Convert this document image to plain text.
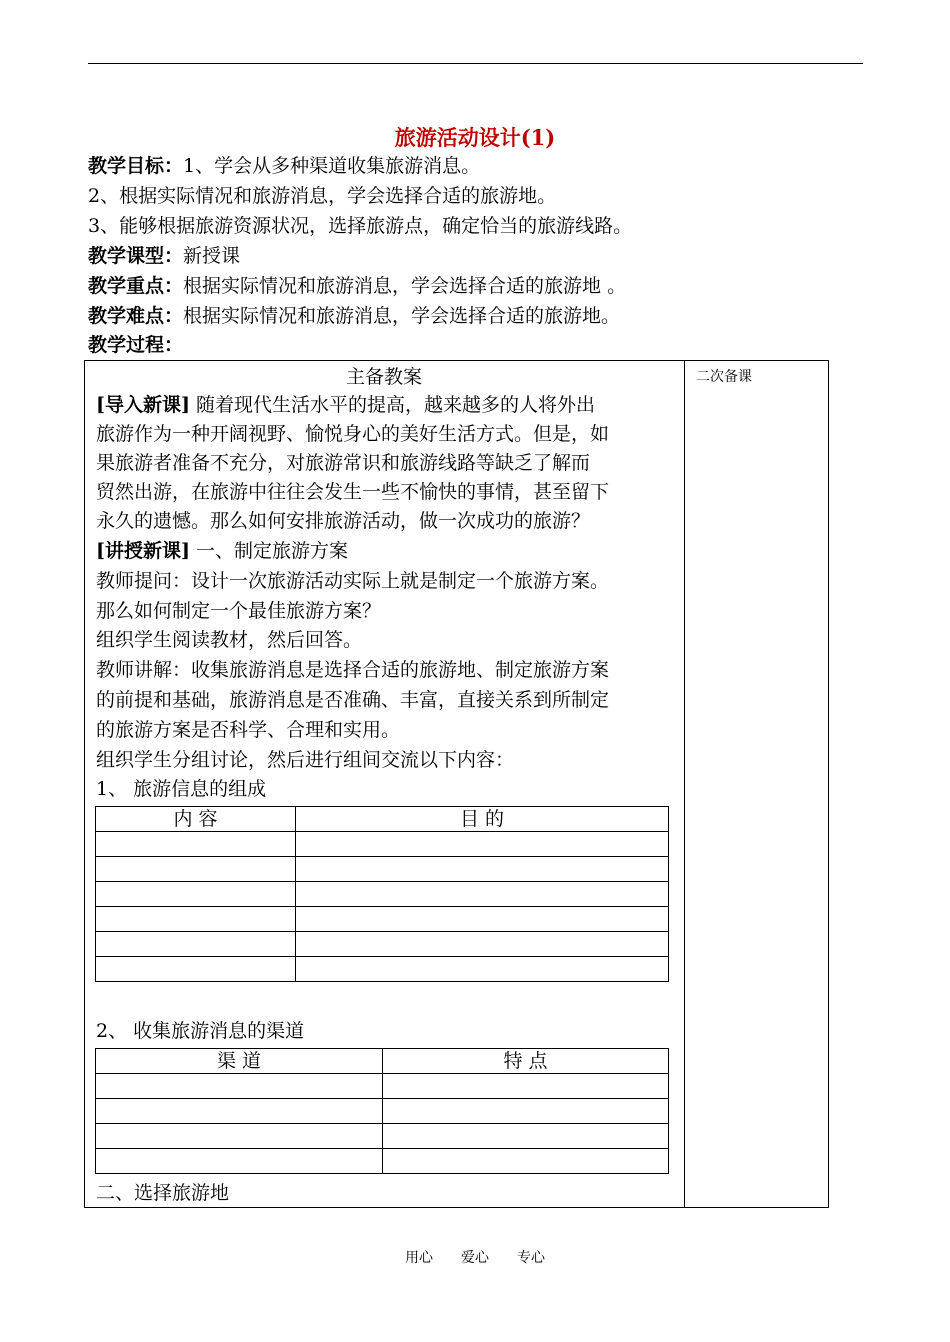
旅游活动设计(1)
教学目标：1、学会从多种渠道收集旅游消息。
2、根据实际情况和旅游消息，学会选择合适的旅游地。
3、能够根据旅游资源状况，选择旅游点，确定恰当的旅游线路。
教学课型：新授课
教学重点：根据实际情况和旅游消息，学会选择合适的旅游地 。
教学难点：根据实际情况和旅游消息，学会选择合适的旅游地。
教学过程：
主备教案	二次备课
[导入新课] 随着现代生活水平的提高，越来越多的人将外出
旅游作为一种开阔视野、愉悦身心的美好生活方式。但是，如
果旅游者准备不充分，对旅游常识和旅游线路等缺乏了解而
贸然出游，在旅游中往往会发生一些不愉快的事情，甚至留下
永久的遗憾。那么如何安排旅游活动，做一次成功的旅游？
[讲授新课] 一、制定旅游方案
教师提问：设计一次旅游活动实际上就是制定一个旅游方案。
那么如何制定一个最佳旅游方案？
组织学生阅读教材，然后回答。
教师讲解：收集旅游消息是选择合适的旅游地、制定旅游方案
的前提和基础，旅游消息是否准确、丰富，直接关系到所制定
的旅游方案是否科学、合理和实用。
组织学生分组讨论，然后进行组间交流以下内容：
1、 旅游信息的组成
内 容	目 的

2、 收集旅游消息的渠道
渠 道	特 点

二、选择旅游地
用心 爱心 专心
